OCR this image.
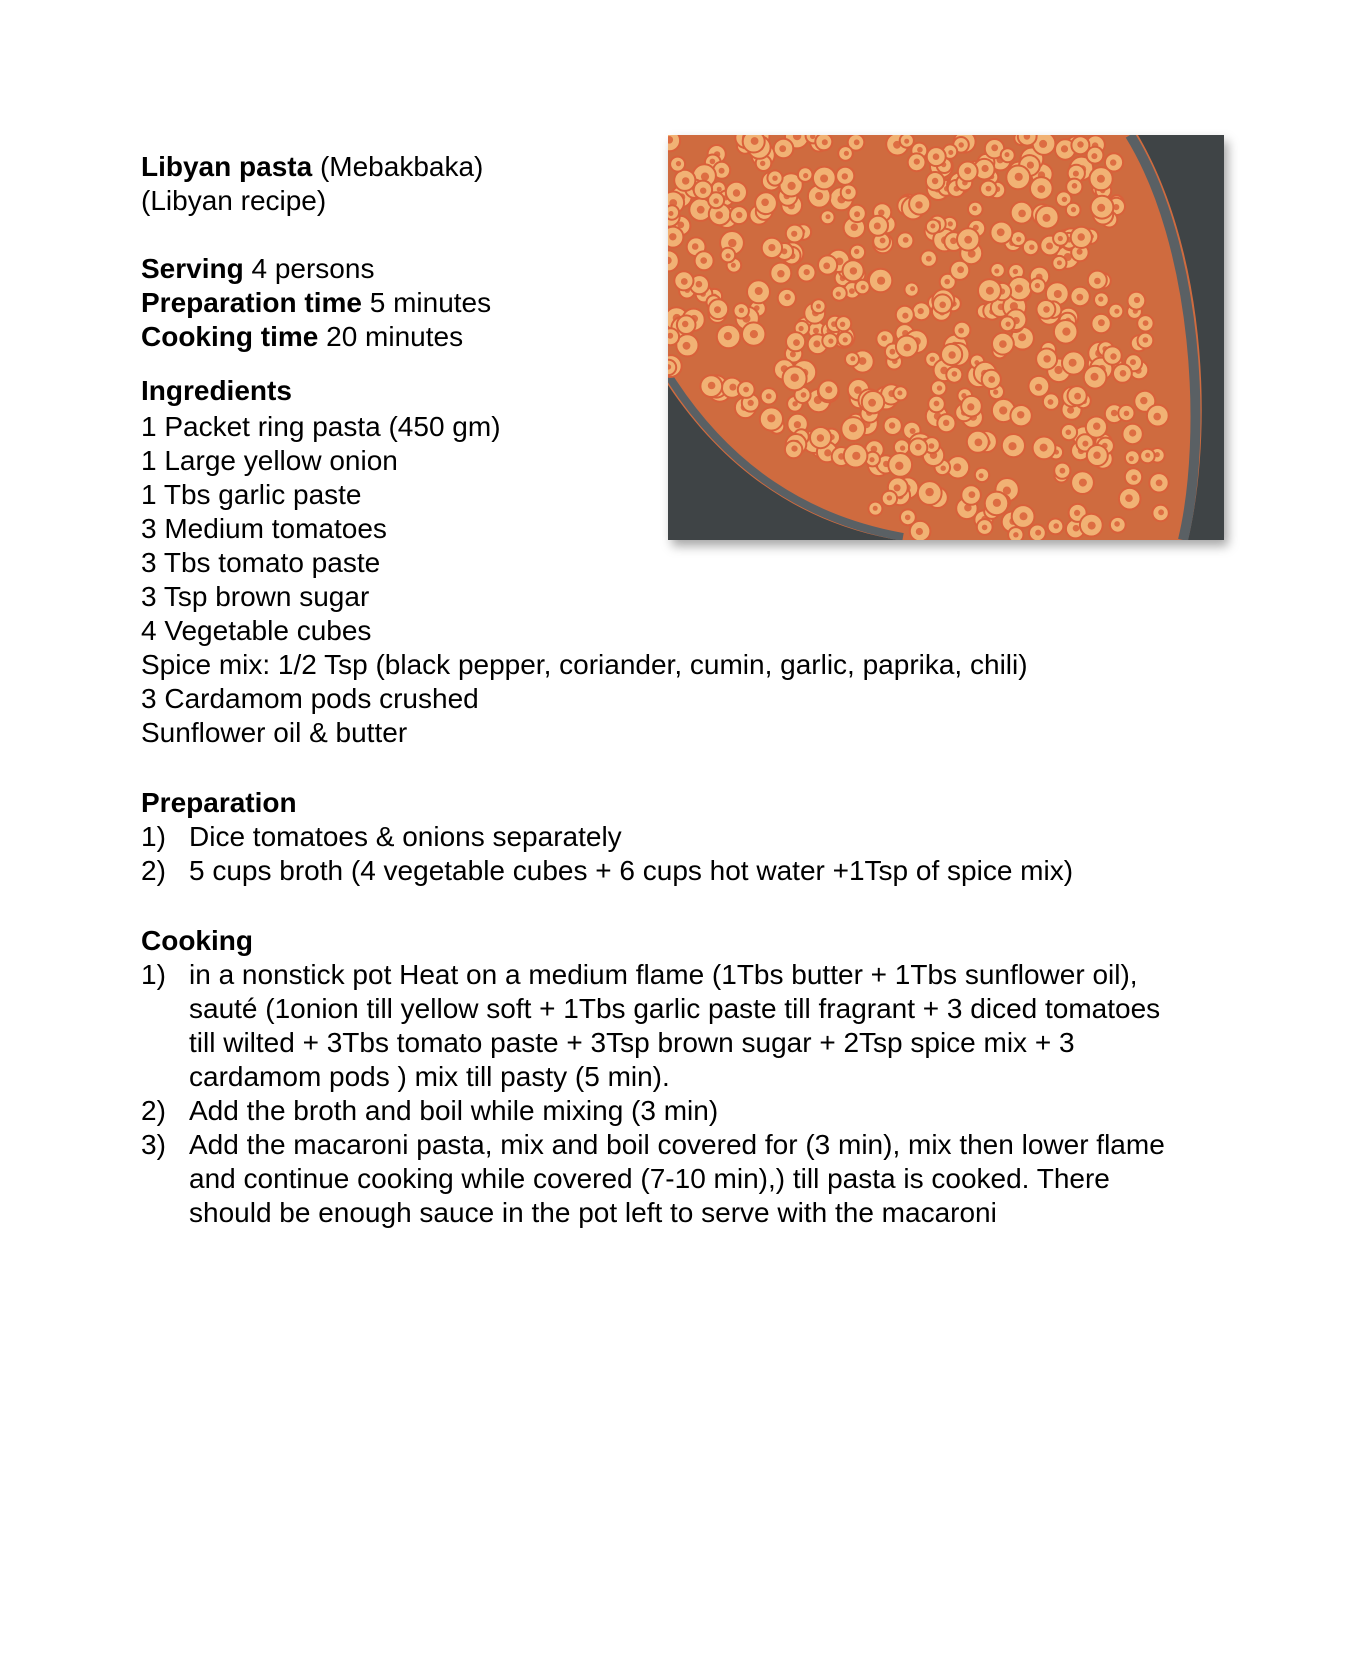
Libyan pasta (Mebakbaka)
(Libyan recipe)
Serving 4 persons
Preparation time 5 minutes
Cooking time 20 minutes
Ingredients
1 Packet ring pasta (450 gm)
1 Large yellow onion
1 Tbs garlic paste
3 Medium tomatoes
3 Tbs tomato paste
3 Tsp brown sugar
4 Vegetable cubes
Spice mix: 1/2 Tsp (black pepper, coriander, cumin, garlic, paprika, chili)
3 Cardamom pods crushed
Sunflower oil & butter
Preparation
1) Dice tomatoes & onions separately
2) 5 cups broth (4 vegetable cubes + 6 cups hot water +1Tsp of spice mix)
Cooking
1) in a nonstick pot Heat on a medium flame (1Tbs butter + 1Tbs sunflower oil), sauté (1onion till yellow soft + 1Tbs garlic paste till fragrant + 3 diced tomatoes till wilted + 3Tbs tomato paste + 3Tsp brown sugar + 2Tsp spice mix + 3 cardamom pods ) mix till pasty (5 min).
2) Add the broth and boil while mixing (3 min)
3) Add the macaroni pasta, mix and boil covered for (3 min), mix then lower flame and continue cooking while covered (7-10 min),) till pasta is cooked. There should be enough sauce in the pot left to serve with the macaroni
